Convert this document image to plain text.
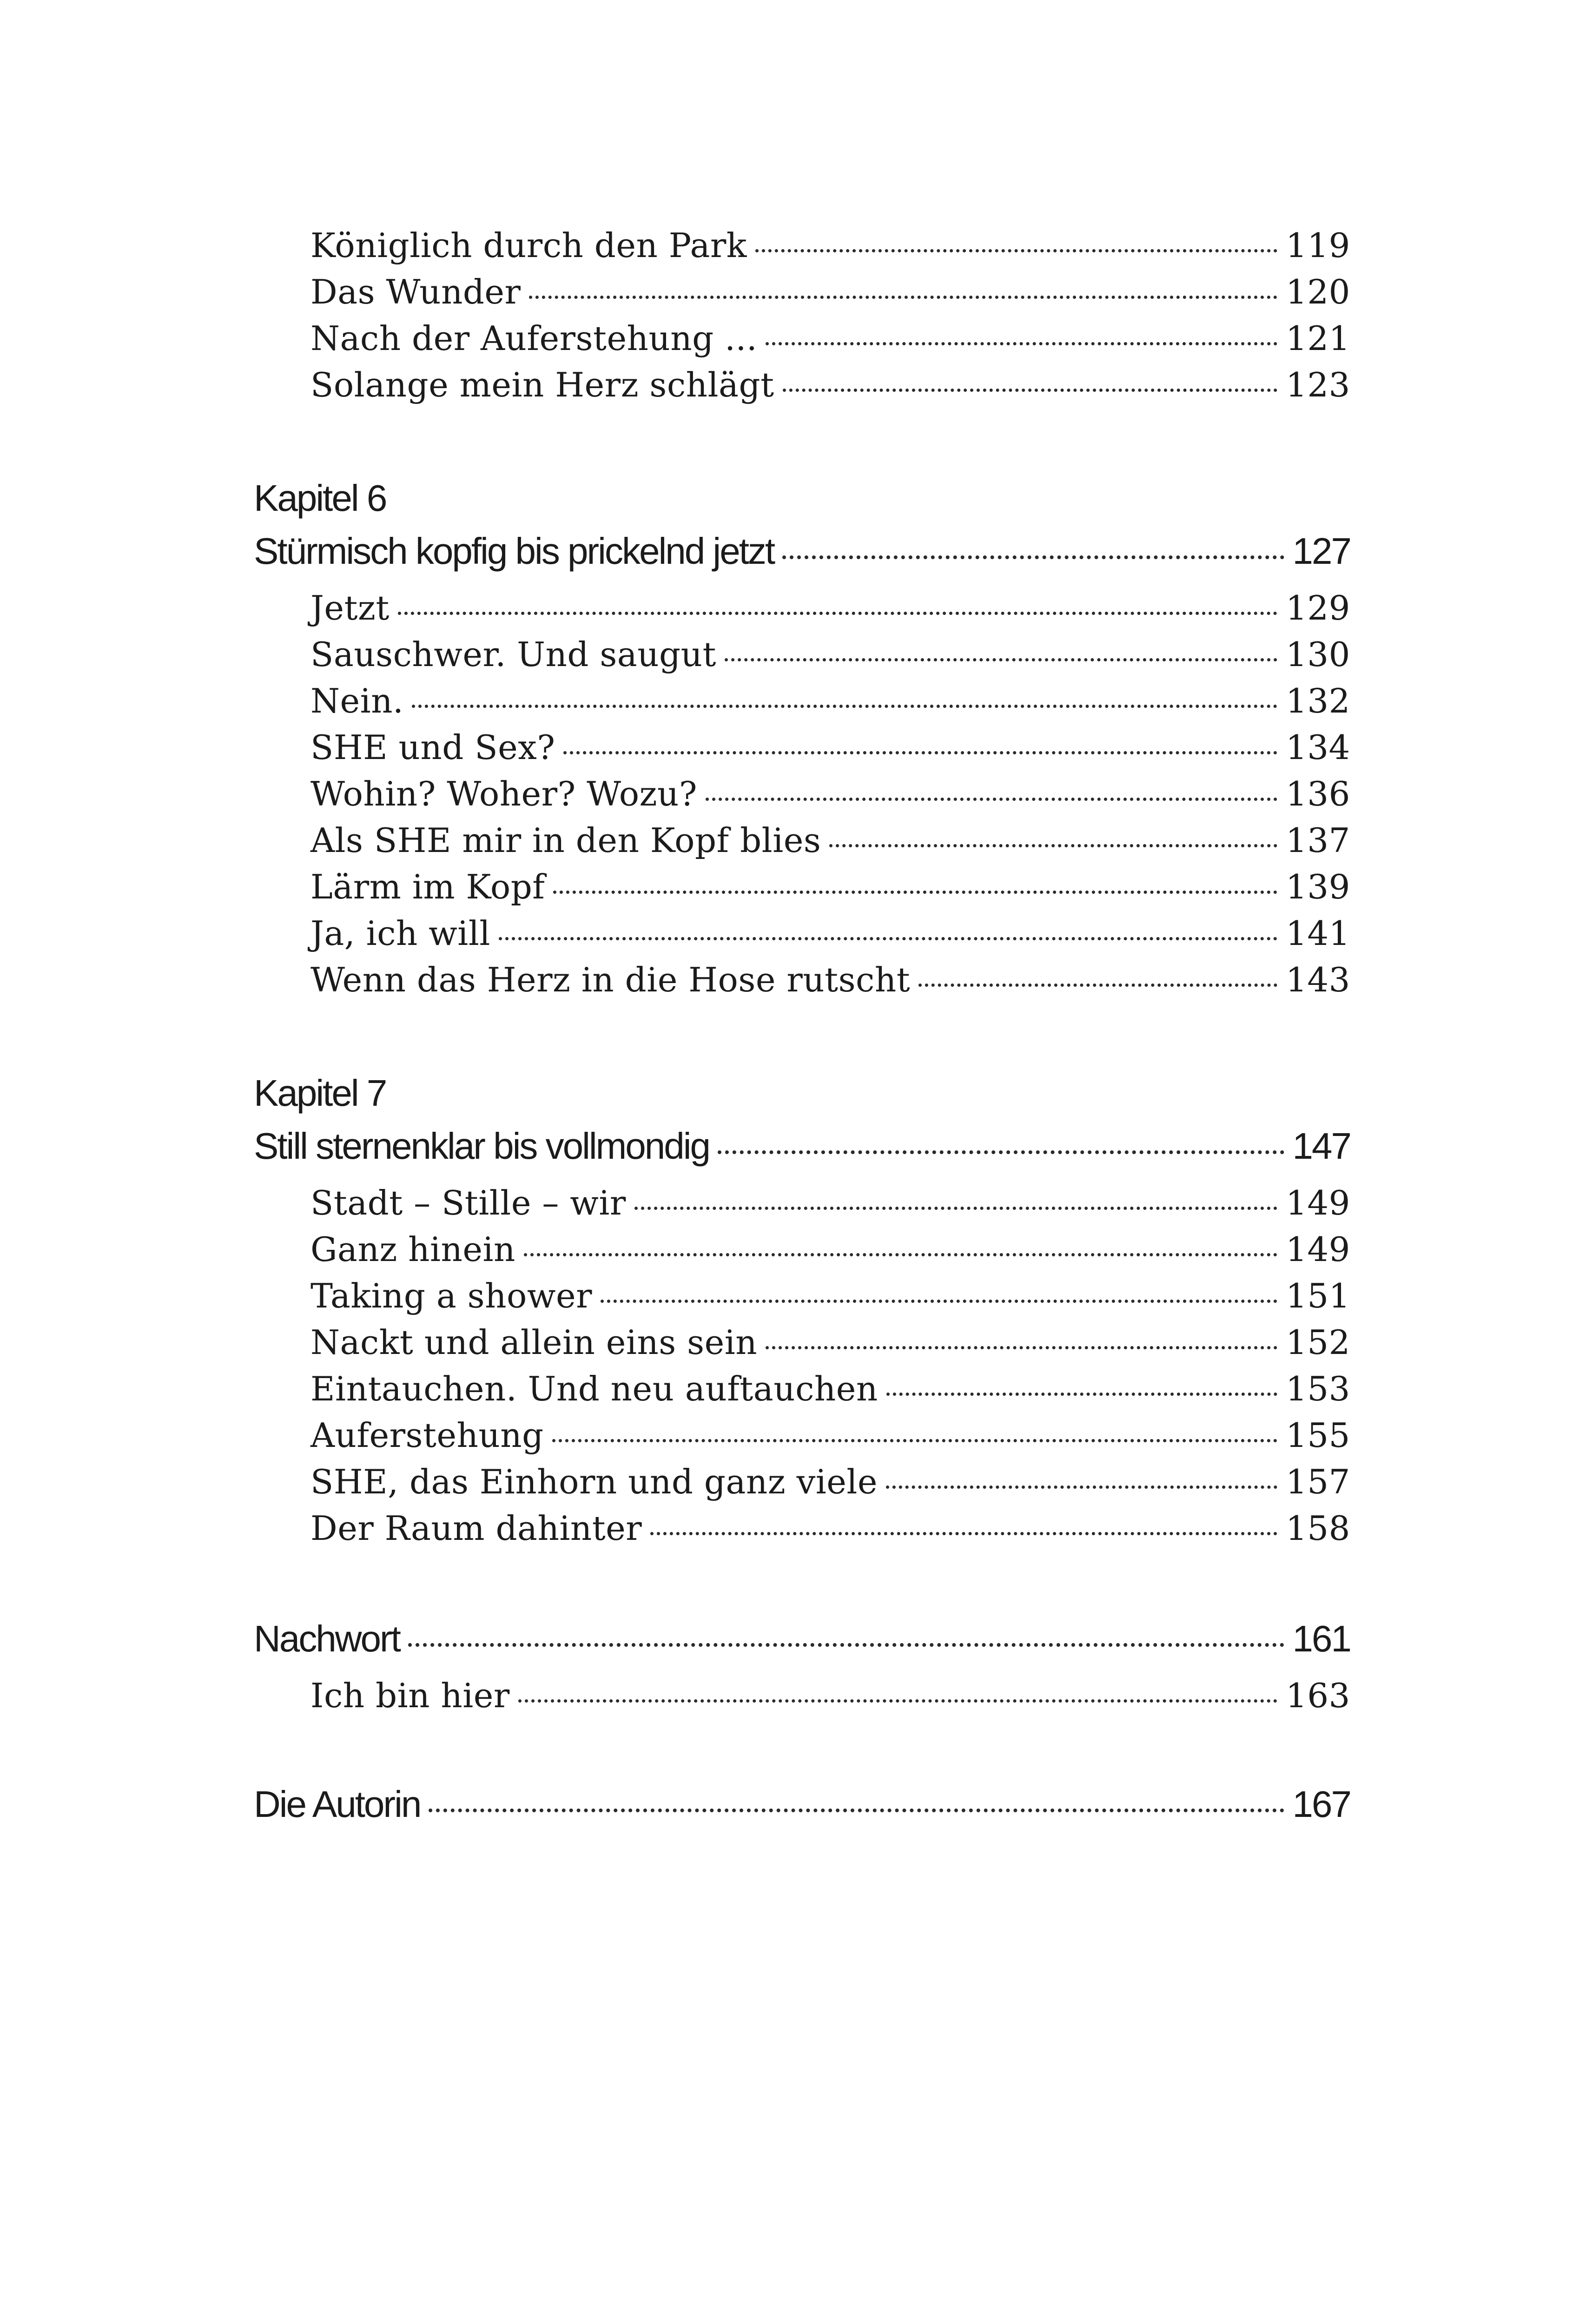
Königlich durch den Park	119
Das Wunder	120
Nach der Auferstehung ...	121
Solange mein Herz schlägt	123
Kapitel 6
Stürmisch kopfig bis prickelnd jetzt	127
Jetzt	129
Sauschwer. Und saugut	130
Nein.	132
SHE und Sex?	134
Wohin? Woher? Wozu?	136
Als SHE mir in den Kopf blies	137
Lärm im Kopf	139
Ja, ich will	141
Wenn das Herz in die Hose rutscht	143
Kapitel 7
Still sternenklar bis vollmondig	147
Stadt – Stille – wir	149
Ganz hinein	149
Taking a shower	151
Nackt und allein eins sein	152
Eintauchen. Und neu auftauchen	153
Auferstehung	155
SHE, das Einhorn und ganz viele	157
Der Raum dahinter	158
Nachwort	161
Ich bin hier	163
Die Autorin	167
